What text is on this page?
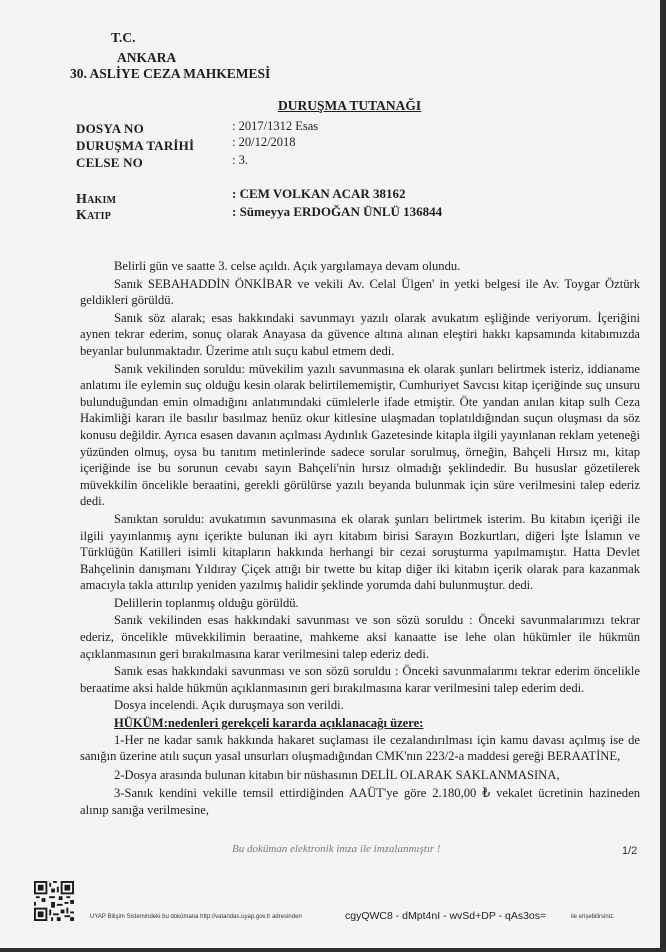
T.C.
ANKARA
30. ASLİYE CEZA MAHKEMESİ
DURUŞMA TUTANAĞI
DOSYA NO	: 2017/1312 Esas
DURUŞMA TARİHİ	: 20/12/2018
CELSE NO	: 3.
Hakim	: CEM VOLKAN ACAR 38162
Katip	: Sümeyya ERDOĞAN ÜNLÜ 136844

Belirli gün ve saatte 3. celse açıldı. Açık yargılamaya devam olundu.

Sanık SEBAHADDİN ÖNKİBAR ve vekili Av. Celal Ülgen' in yetki belgesi ile Av. Toygar Öztürk geldikleri görüldü.

Sanık söz alarak; esas hakkındaki savunmayı yazılı olarak avukatım eşliğinde veriyorum. İçeriğini aynen tekrar ederim, sonuç olarak Anayasa da güvence altına alınan eleştiri hakkı kapsamında kitabımızda beyanlar bulunmaktadır. Üzerime atılı suçu kabul etmem dedi.

Sanık vekilinden soruldu: müvekilim yazılı savunmasına ek olarak şunları belirtmek isteriz, iddianame anlatımı ile eylemin suç olduğu kesin olarak belirtilememiştir, Cumhuriyet Savcısı kitap içeriğinde suç unsuru bulunduğundan emin olmadığını anlatımındaki cümlelerle ifade etmiştir. Öte yandan anılan kitap sulh Ceza Hakimliği kararı ile basılır basılmaz henüz okur kitlesine ulaşmadan toplatıldığından suçun oluşması da söz konusu değildir. Ayrıca esasen davanın açılması Aydınlık Gazetesinde kitapla ilgili yayınlanan reklam yeteneği yüzünden olmuş, oysa bu tanıtım metinlerinde sadece sorular sorulmuş, örneğin, Bahçeli Hırsız mı, kitap içeriğinde ise bu sorunun cevabı sayın Bahçeli'nin hırsız olmadığı şeklindedir. Bu hususlar gözetilerek müvekkilin öncelikle beraatini, gerekli görülürse yazılı beyanda bulunmak için süre verilmesini talep ederiz dedi.

Sanıktan soruldu: avukatımın savunmasına ek olarak şunları belirtmek isterim. Bu kitabın içeriği ile ilgili yayınlanmış aynı içerikte bulunan iki ayrı kitabım birisi Sarayın Bozkurtları, diğeri İşte İslamın ve Türklüğün Katilleri isimli kitapların hakkında herhangi bir cezai soruşturma yapılmamıştır. Hatta Devlet Bahçelinin danışmanı Yıldıray Çiçek attığı bir twette bu kitap diğer iki kitabın içerik olarak para kazanmak amacıyla takla attırılıp yeniden yazılmış halidir şeklinde yorumda dahi bulunmuştur. dedi.

Delillerin toplanmış olduğu görüldü.

Sanık vekilinden esas hakkındaki savunması ve son sözü soruldu : Önceki savunmalarımızı tekrar ederiz, öncelikle müvekkilimin beraatine, mahkeme aksi kanaatte ise lehe olan hükümler ile hükmün açıklanmasının geri bırakılmasına karar verilmesini talep ederiz dedi.

Sanık esas hakkındaki savunması ve son sözü soruldu : Önceki savunmalarımı tekrar ederim öncelikle beraatime aksi halde hükmün açıklanmasının geri bırakılmasına karar verilmesini talep ederim dedi.

Dosya incelendi. Açık duruşmaya son verildi.

HÜKÜM:nedenleri gerekçeli kararda açıklanacağı üzere:

1-Her ne kadar sanık hakkında hakaret suçlaması ile cezalandırılması için kamu davası açılmış ise de sanığın üzerine atılı suçun yasal unsurları oluşmadığından CMK'nın 223/2-a maddesi gereği BERAATİNE,

2-Dosya arasında bulunan kitabın bir nüshasının DELİL OLARAK SAKLANMASINA,

3-Sanık kendini vekille temsil ettirdiğinden AAÜT'ye göre 2.180,00 ₺ vekalet ücretinin hazineden alınıp sanığa verilmesine,

Bu doküman elektronik imza ile imzalanmıştır !	1/2
UYAP Bilişim Sistemindeki bu dokümana http://vatandas.uyap.gov.tr adresinden	cgyQWC8 - dMpt4nI - wvSd+DP - qAs3os=	ile erişebilirsiniz.
